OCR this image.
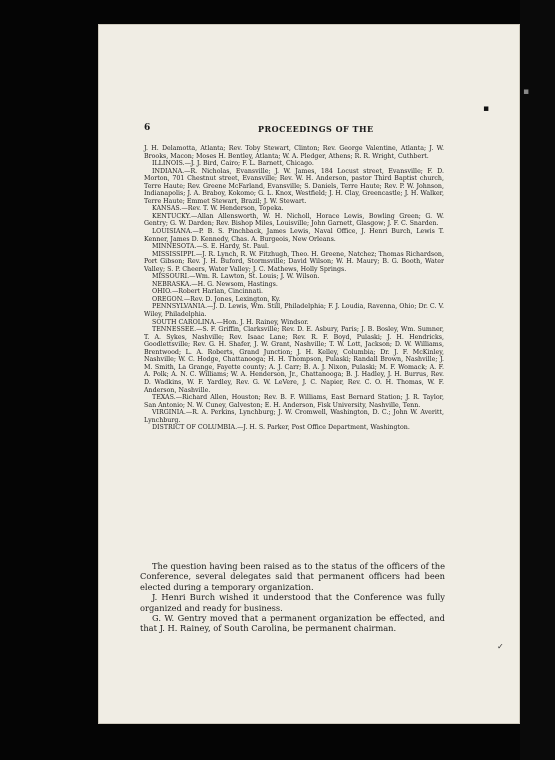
▪
▪
✓
6	PROCEEDINGS OF THE

J. H. Delamotta, Atlanta; Rev. Toby Stewart, Clinton; Rev. George Valentine, Atlanta; J. W. Brooks, Macon; Moses H. Bentley, Atlanta; W. A. Pledger, Athens; R. R. Wright, Cuthbert.

ILLINOIS.—J. J. Bird, Cairo; F. L. Barnett, Chicago.

INDIANA.—R. Nicholas, Evansville; J. W. James, 184 Locust street, Evansville; F. D. Morton, 701 Chestnut street, Evansville; Rev. W. H. Anderson, pastor Third Baptist church, Terre Haute; Rev. Greene McFarland, Evansville; S. Daniels, Terre Haute; Rev. P. W. Johnson, Indianapolis; J. A. Braboy, Kokomo; G. L. Knox, Westfield; J. H. Clay, Greencastle; J. H. Walker, Terre Haute; Emmet Stewart, Brazil; J. W. Stewart.

KANSAS.—Rev. T. W. Henderson, Topeka.

KENTUCKY.—Allan Allensworth, W. H. Nicholl, Horace Lewis, Bowling Green; G. W. Gentry; G. W. Darden; Rev. Bishop Miles, Louisville; John Garnett, Glasgow; J. F. C. Snarden.

LOUISIANA.—P. B. S. Pinchback, James Lewis, Naval Office, J. Henri Burch, Lewis T. Kenner, James D. Kennedy, Chas. A. Burgeois, New Orleans.

MINNESOTA.—S. E. Hardy, St. Paul.

MISSISSIPPI.—J. R. Lynch, R. W. Fitzhugh, Theo. H. Greene, Natchez; Thomas Richardson, Port Gibson; Rev. J. H. Buford, Stormsville; David Wilson; W. H. Maury; B. G. Booth, Water Valley; S. P. Cheers, Water Valley; J. C. Mathews, Holly Springs.

MISSOURI.—Wm. R. Lawton, St. Louis; J. W. Wilson.

NEBRASKA.—H. G. Newsom, Hastings.

OHIO.—Robert Harlan, Cincinnati.

OREGON.—Rev. D. Jones, Lexington, Ky.

PENNSYLVANIA.—J. D. Lewis, Wm. Still, Philadelphia; F. J. Loudia, Ravenna, Ohio; Dr. C. V. Wiley, Philadelphia.

SOUTH CAROLINA.—Hon. J. H. Rainey, Windsor.

TENNESSEE.—S. F. Griffin, Clarksville; Rev. D. E. Asbury, Paris; J. B. Bosley, Wm. Sumner, T. A. Sykes, Nashville; Rev. Isaac Lane; Rev. R. F. Boyd, Pulaski; J. H. Hendricks, Goodlettsville; Rev. G. H. Shafer, J. W. Grant, Nashville; T. W. Lott, Jackson; D. W. Williams, Brentwood; L. A. Roberts, Grand Junction; J. H. Kelley, Columbia; Dr. J. F. McKinley, Nashville; W. C. Hodge, Chattanooga; H. H. Thompson, Pulaski; Randall Brown, Nashville; J. M. Smith, La Grange, Fayette county; A. J. Carr; B. A. J. Nixon, Pulaski; M. F. Womack; A. F. A. Polk; A. N. C. Williams; W. A. Henderson, Jr., Chattanooga; B. J. Hadley, J. H. Burrus, Rev. D. Wadkins, W. F. Yardley, Rev. G. W. LeVere, J. C. Napier, Rev. C. O. H. Thomas, W. F. Anderson, Nashville.

TEXAS.—Richard Allen, Houston; Rev. B. F. Williams, East Bernard Station; J. R. Taylor, San Antonio; N. W. Cuney, Galveston; E. H. Anderson, Fisk University, Nashville, Tenn.

VIRGINIA.—R. A. Perkins, Lynchburg; J. W. Cromwell, Washington, D. C.; John W. Averitt, Lynchburg.

DISTRICT OF COLUMBIA.—J. H. S. Parker, Post Office Department, Washington.

The question having been raised as to the status of the officers of the Conference, several delegates said that permanent officers had been elected during a temporary organization.

J. Henri Burch wished it understood that the Conference was fully organized and ready for business.

G. W. Gentry moved that a permanent organization be effected, and that J. H. Rainey, of South Carolina, be permanent chairman.
